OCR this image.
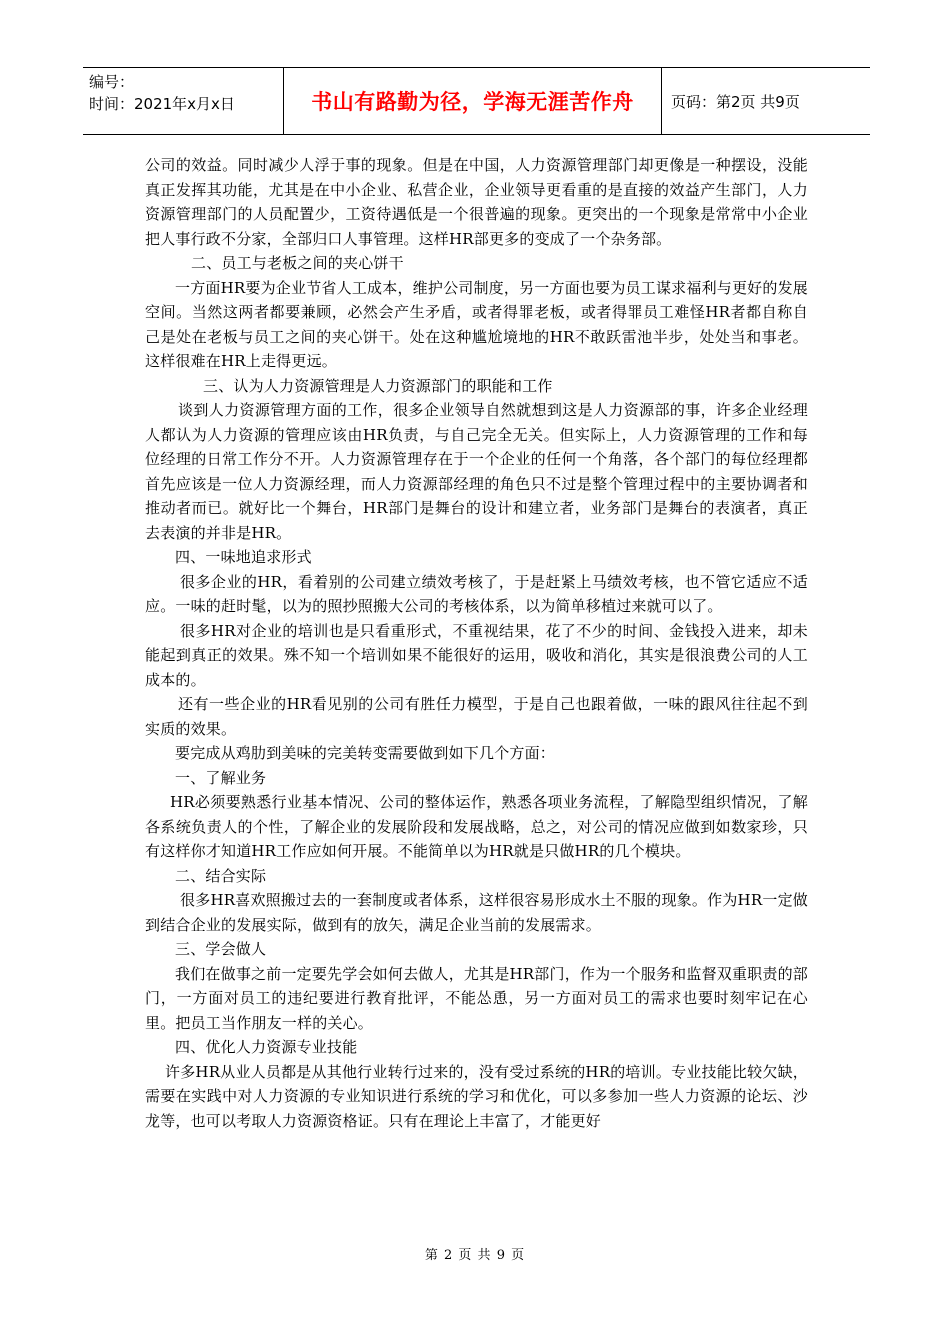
编号：
时间：2021年x月x日	书山有路勤为径，学海无涯苦作舟 页码：第2页 共9页

公司的效益。同时减少人浮于事的现象。但是在中国，人力资源管理部门却更像是一种摆设，没能真正发挥其功能，尤其是在中小企业、私营企业，企业领导更看重的是直接的效益产生部门，人力资源管理部门的人员配置少，工资待遇低是一个很普遍的现象。更突出的一个现象是常常中小企业把人事行政不分家，全部归口人事管理。这样HR部更多的变成了一个杂务部。

二、员工与老板之间的夹心饼干

一方面HR要为企业节省人工成本，维护公司制度，另一方面也要为员工谋求福利与更好的发展空间。当然这两者都要兼顾，必然会产生矛盾，或者得罪老板，或者得罪员工难怪HR者都自称自己是处在老板与员工之间的夹心饼干。处在这种尴尬境地的HR不敢跃雷池半步，处处当和事老。这样很难在HR上走得更远。

三、认为人力资源管理是人力资源部门的职能和工作

谈到人力资源管理方面的工作，很多企业领导自然就想到这是人力资源部的事，许多企业经理人都认为人力资源的管理应该由HR负责，与自己完全无关。但实际上，人力资源管理的工作和每位经理的日常工作分不开。人力资源管理存在于一个企业的任何一个角落，各个部门的每位经理都首先应该是一位人力资源经理，而人力资源部经理的角色只不过是整个管理过程中的主要协调者和推动者而已。就好比一个舞台，HR部门是舞台的设计和建立者，业务部门是舞台的表演者，真正去表演的并非是HR。

四、一味地追求形式

很多企业的HR，看着别的公司建立绩效考核了，于是赶紧上马绩效考核，也不管它适应不适应。一味的赶时髦，以为的照抄照搬大公司的考核体系，以为简单移植过来就可以了。

很多HR对企业的培训也是只看重形式，不重视结果，花了不少的时间、金钱投入进来，却未能起到真正的效果。殊不知一个培训如果不能很好的运用，吸收和消化，其实是很浪费公司的人工成本的。

还有一些企业的HR看见别的公司有胜任力模型，于是自己也跟着做，一味的跟风往往起不到实质的效果。

要完成从鸡肋到美味的完美转变需要做到如下几个方面：

一、了解业务

HR必须要熟悉行业基本情况、公司的整体运作，熟悉各项业务流程，了解隐型组织情况，了解各系统负责人的个性，了解企业的发展阶段和发展战略，总之，对公司的情况应做到如数家珍，只有这样你才知道HR工作应如何开展。不能简单以为HR就是只做HR的几个模块。

二、结合实际

很多HR喜欢照搬过去的一套制度或者体系，这样很容易形成水土不服的现象。作为HR一定做到结合企业的发展实际，做到有的放矢，满足企业当前的发展需求。

三、学会做人

我们在做事之前一定要先学会如何去做人，尤其是HR部门，作为一个服务和监督双重职责的部门，一方面对员工的违纪要进行教育批评，不能怂恿，另一方面对员工的需求也要时刻牢记在心里。把员工当作朋友一样的关心。

四、优化人力资源专业技能

许多HR从业人员都是从其他行业转行过来的，没有受过系统的HR的培训。专业技能比较欠缺，需要在实践中对人力资源的专业知识进行系统的学习和优化，可以多参加一些人力资源的论坛、沙龙等，也可以考取人力资源资格证。只有在理论上丰富了，才能更好

第 2 页 共 9 页
